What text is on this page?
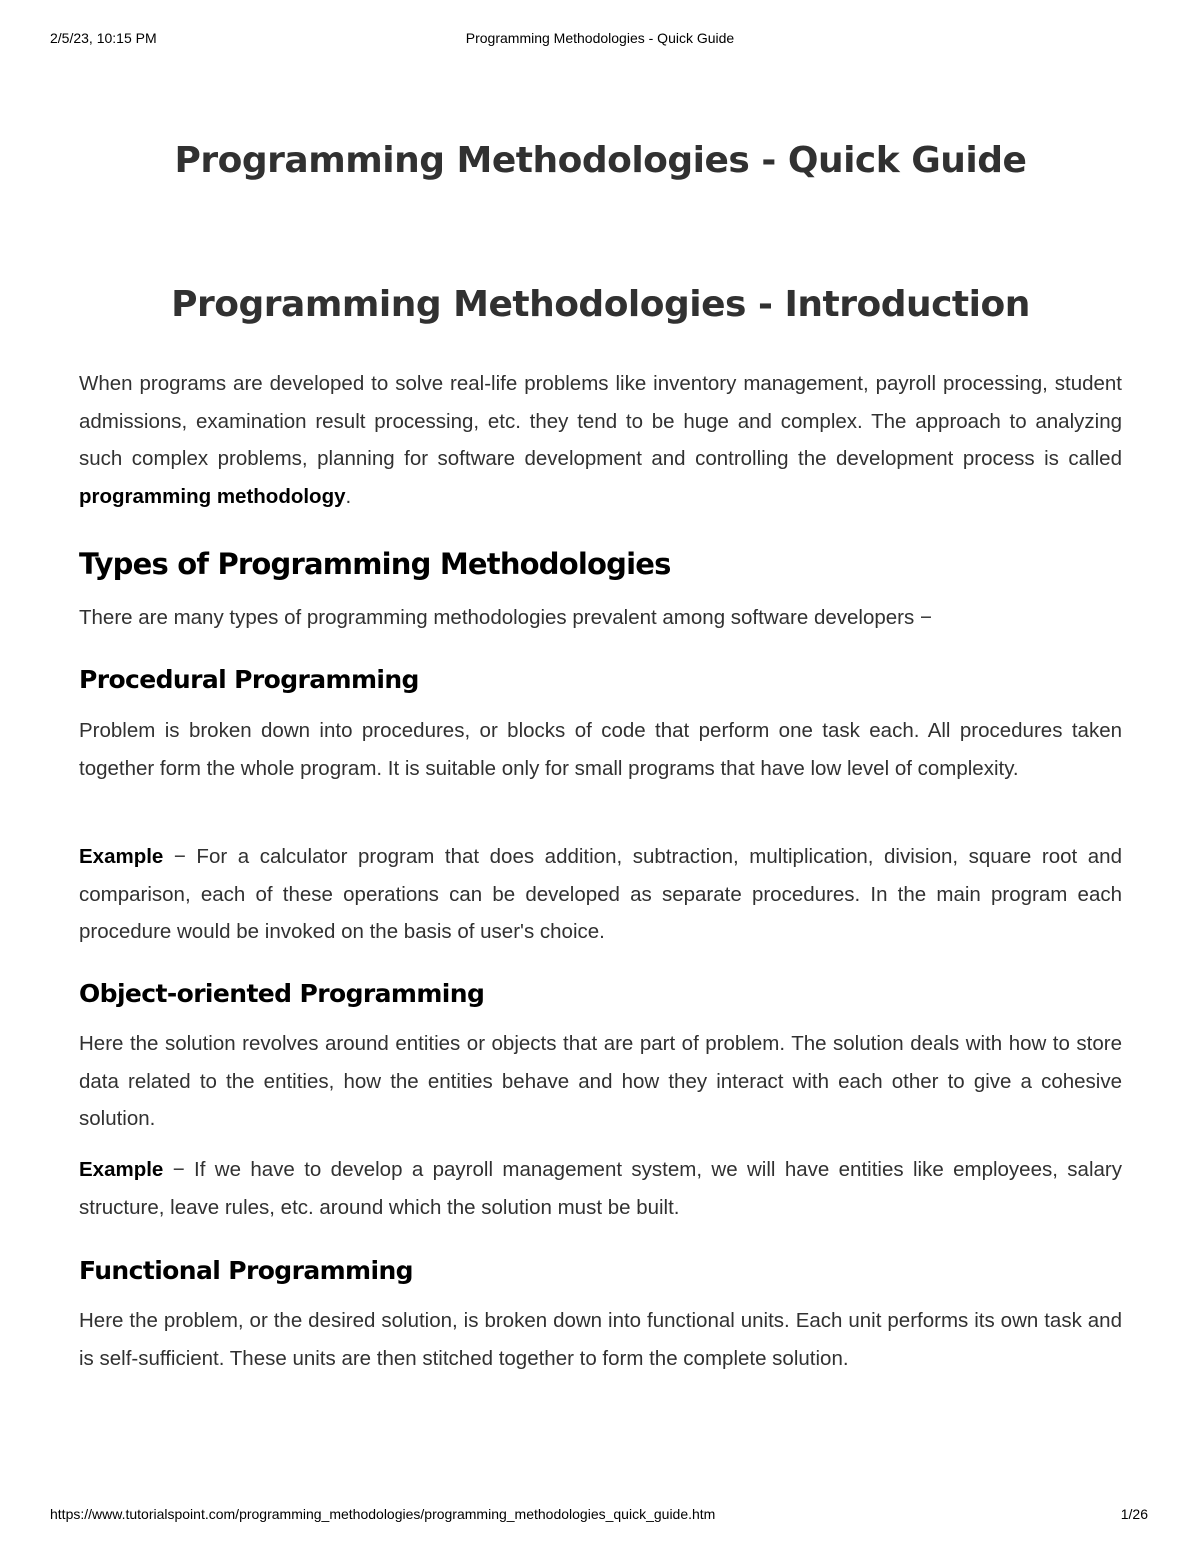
2/5/23, 10:15 PM	Programming Methodologies - Quick Guide
Programming Methodologies - Quick Guide
Programming Methodologies - Introduction

When programs are developed to solve real-life problems like inventory management, payroll processing, student admissions, examination result processing, etc. they tend to be huge and complex. The approach to analyzing such complex problems, planning for software development and controlling the development process is called programming methodology.

Types of Programming Methodologies

There are many types of programming methodologies prevalent among software developers −

Procedural Programming

Problem is broken down into procedures, or blocks of code that perform one task each. All procedures taken together form the whole program. It is suitable only for small programs that have low level of complexity.

Example − For a calculator program that does addition, subtraction, multiplication, division, square root and comparison, each of these operations can be developed as separate procedures. In the main program each procedure would be invoked on the basis of user's choice.

Object-oriented Programming

Here the solution revolves around entities or objects that are part of problem. The solution deals with how to store data related to the entities, how the entities behave and how they interact with each other to give a cohesive solution.

Example − If we have to develop a payroll management system, we will have entities like employees, salary structure, leave rules, etc. around which the solution must be built.

Functional Programming

Here the problem, or the desired solution, is broken down into functional units. Each unit performs its own task and is self-sufficient. These units are then stitched together to form the complete solution.

https://www.tutorialspoint.com/programming_methodologies/programming_methodologies_quick_guide.htm	1/26
